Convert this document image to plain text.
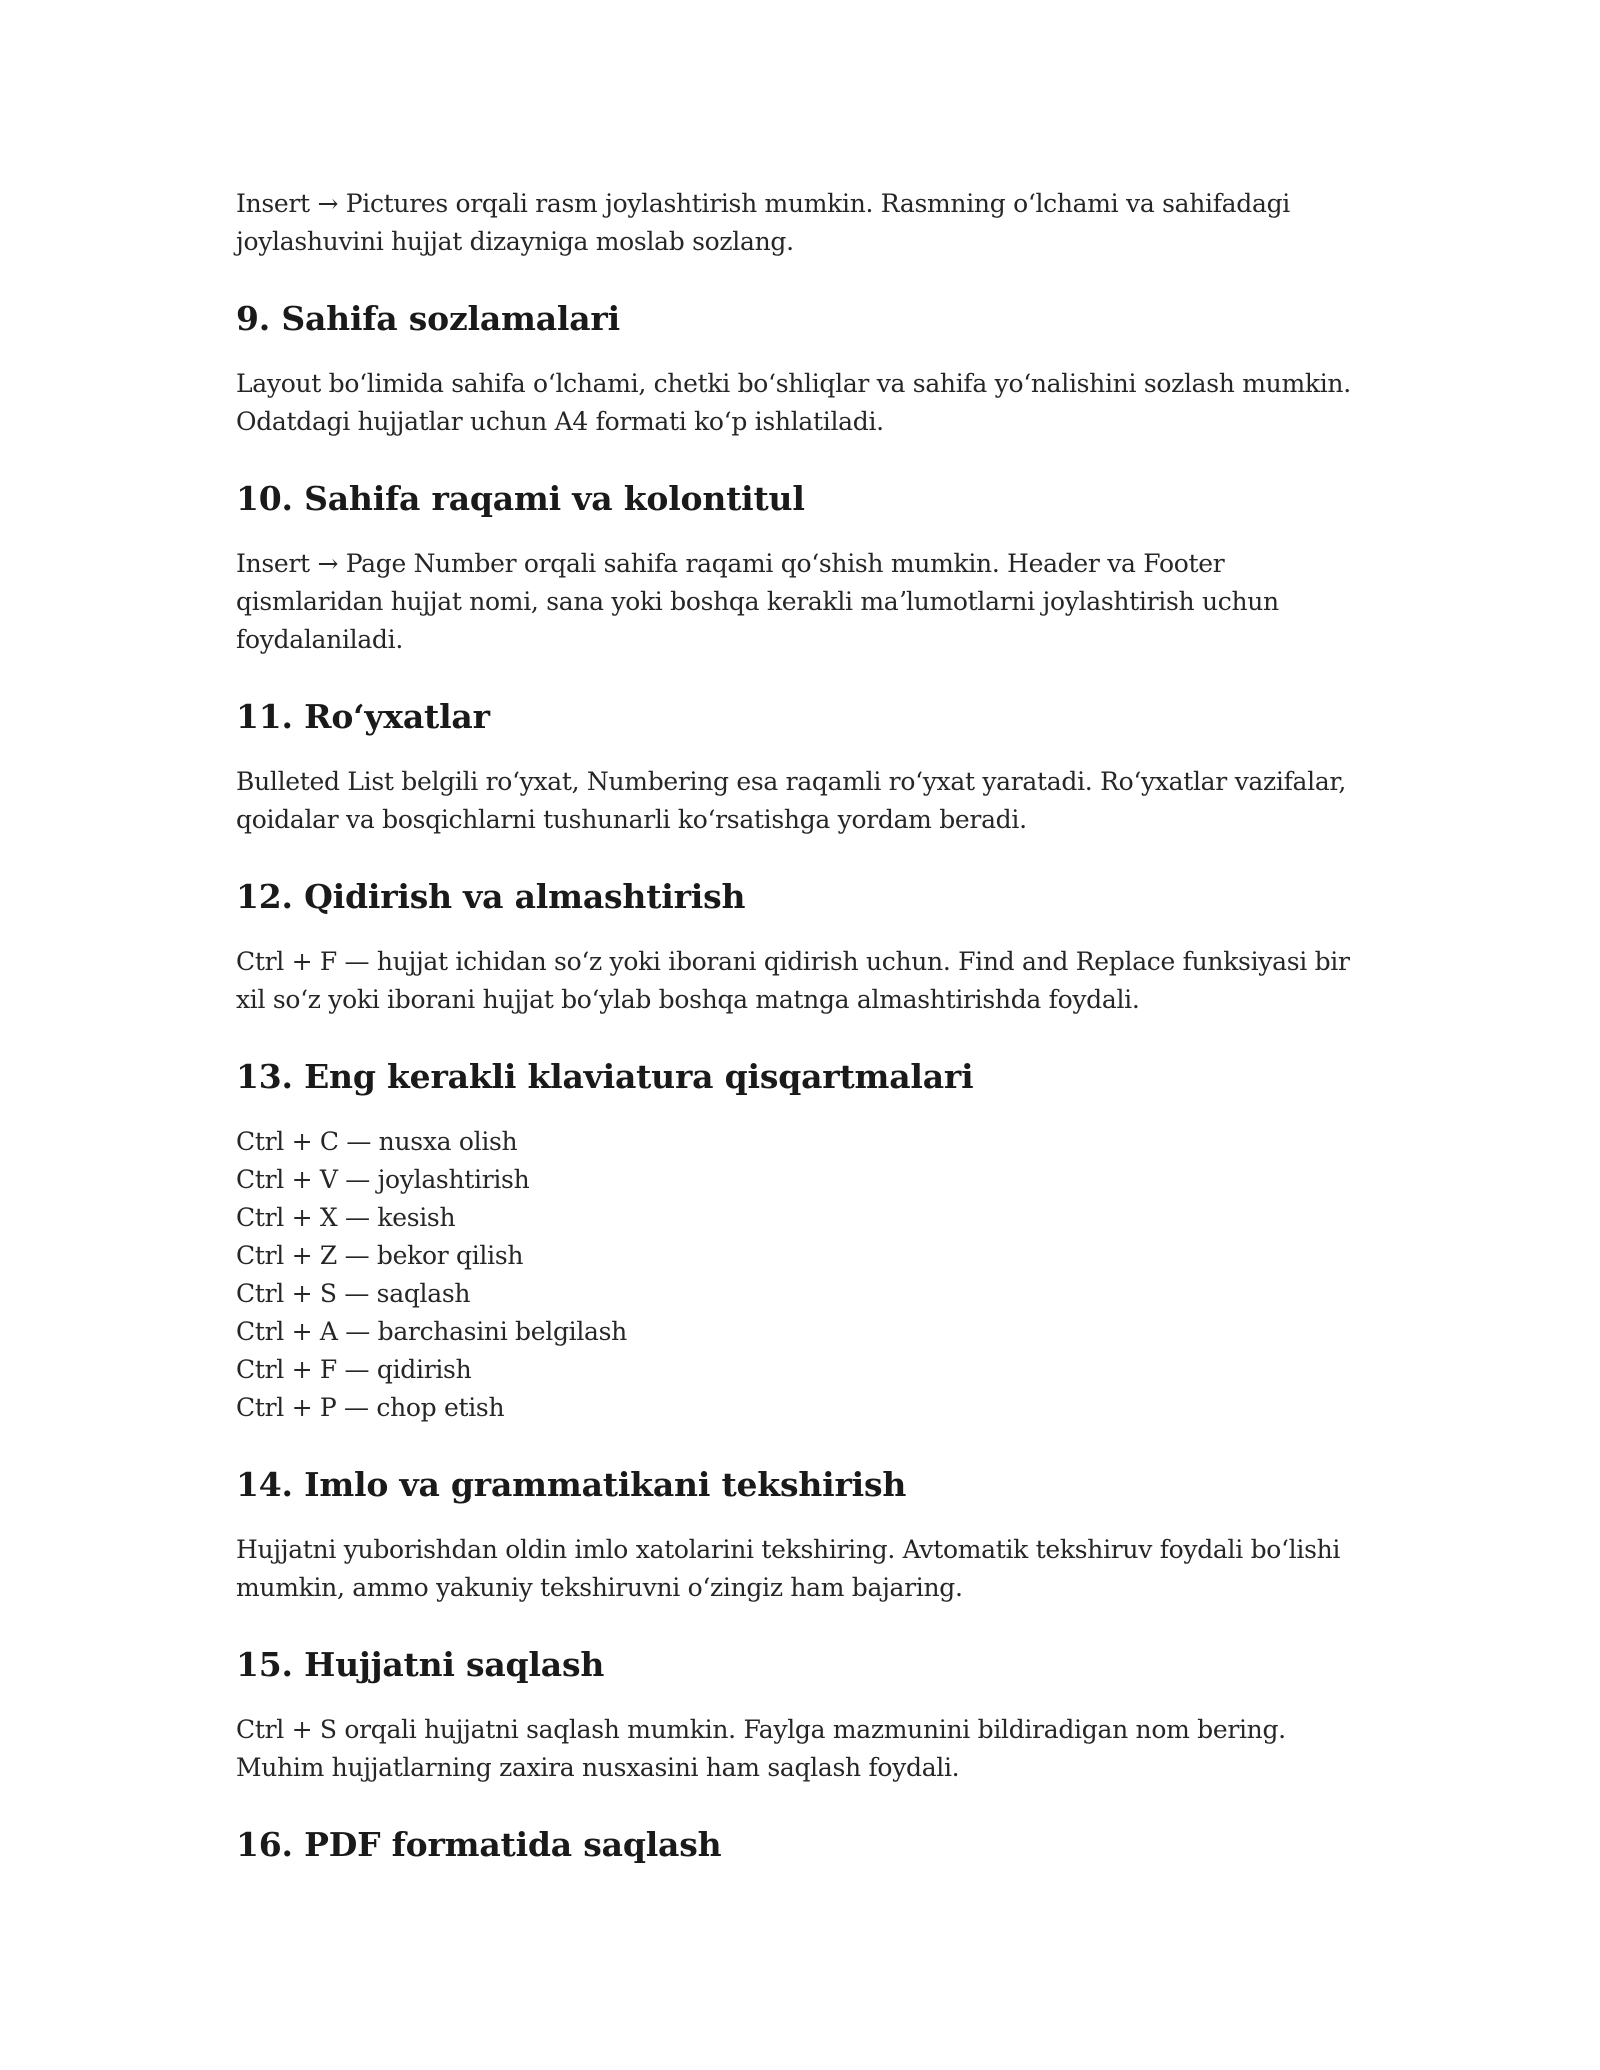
Insert → Pictures orqali rasm joylashtirish mumkin. Rasmning oʻlchami va sahifadagi joylashuvini hujjat dizayniga moslab sozlang.

9. Sahifa sozlamalari

Layout boʻlimida sahifa oʻlchami, chetki boʻshliqlar va sahifa yoʻnalishini sozlash mumkin. Odatdagi hujjatlar uchun A4 formati koʻp ishlatiladi.

10. Sahifa raqami va kolontitul

Insert → Page Number orqali sahifa raqami qoʻshish mumkin. Header va Footer qismlaridan hujjat nomi, sana yoki boshqa kerakli maʼlumotlarni joylashtirish uchun foydalaniladi.

11. Roʻyxatlar

Bulleted List belgili roʻyxat, Numbering esa raqamli roʻyxat yaratadi. Roʻyxatlar vazifalar, qoidalar va bosqichlarni tushunarli koʻrsatishga yordam beradi.

12. Qidirish va almashtirish

Ctrl + F — hujjat ichidan soʻz yoki iborani qidirish uchun. Find and Replace funksiyasi bir xil soʻz yoki iborani hujjat boʻylab boshqa matnga almashtirishda foydali.

13. Eng kerakli klaviatura qisqartmalari
Ctrl + C — nusxa olish
Ctrl + V — joylashtirish
Ctrl + X — kesish
Ctrl + Z — bekor qilish
Ctrl + S — saqlash
Ctrl + A — barchasini belgilash
Ctrl + F — qidirish
Ctrl + P — chop etish
14. Imlo va grammatikani tekshirish

Hujjatni yuborishdan oldin imlo xatolarini tekshiring. Avtomatik tekshiruv foydali boʻlishi mumkin, ammo yakuniy tekshiruvni oʻzingiz ham bajaring.

15. Hujjatni saqlash

Ctrl + S orqali hujjatni saqlash mumkin. Faylga mazmunini bildiradigan nom bering. Muhim hujjatlarning zaxira nusxasini ham saqlash foydali.

16. PDF formatida saqlash
